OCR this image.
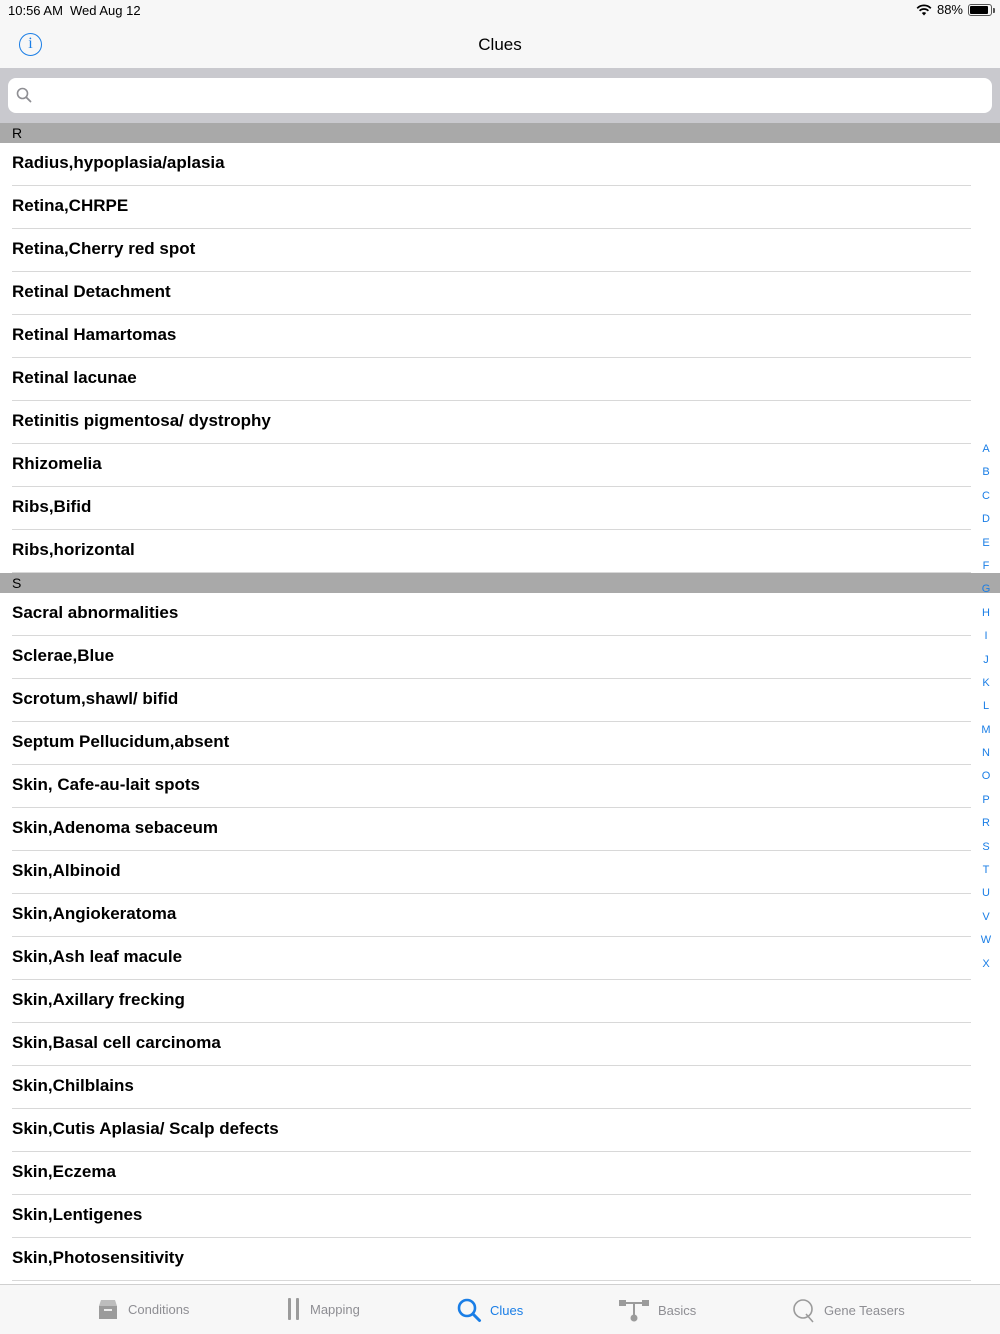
10:56 AM Wed Aug 12	88%
i	Clues
R
Radius,hypoplasia/aplasia
Retina,CHRPE
Retina,Cherry red spot
Retinal Detachment
Retinal Hamartomas
Retinal lacunae
Retinitis pigmentosa/ dystrophy
Rhizomelia
Ribs,Bifid
Ribs,horizontal
S
Sacral abnormalities
Sclerae,Blue
Scrotum,shawl/ bifid
Septum Pellucidum,absent
Skin, Cafe-au-lait spots
Skin,Adenoma sebaceum
Skin,Albinoid
Skin,Angiokeratoma
Skin,Ash leaf macule
Skin,Axillary frecking
Skin,Basal cell carcinoma
Skin,Chilblains
Skin,Cutis Aplasia/ Scalp defects
Skin,Eczema
Skin,Lentigenes
Skin,Photosensitivity
A
B
C
D
E
F
G
H
I
J
K
L
M
N
O
P
R
S
T
U
V
W
X
Conditions	Mapping	Clues	Basics	Gene Teasers
